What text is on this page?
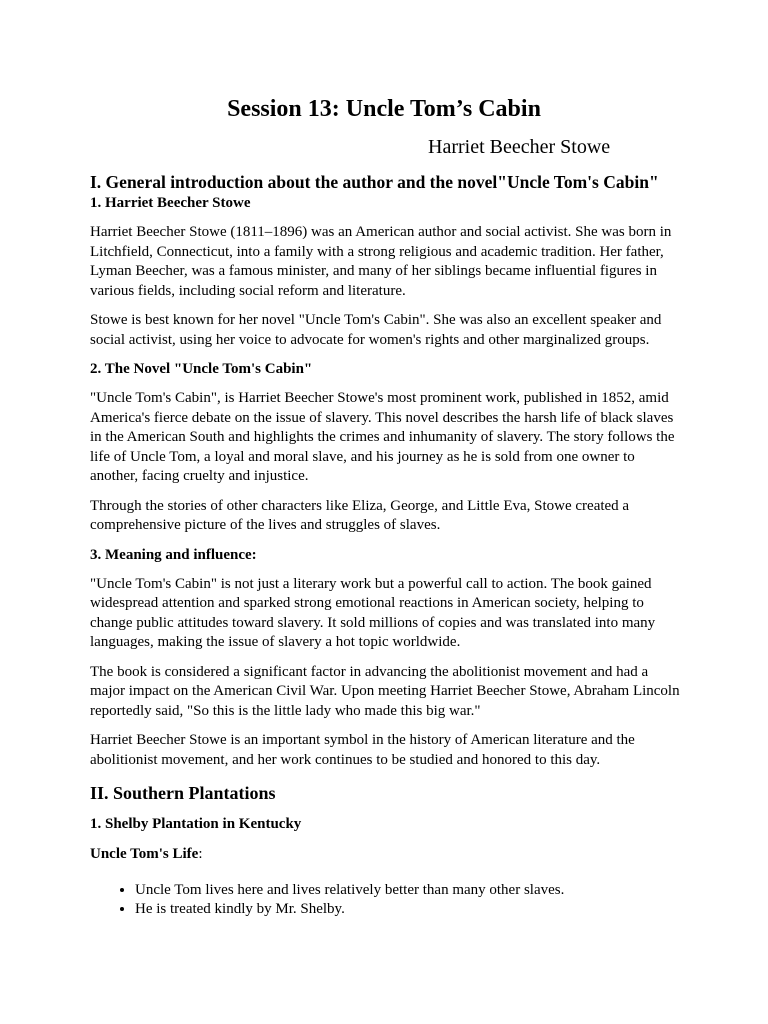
Session 13: Uncle Tom’s Cabin
Harriet Beecher Stowe
I. General introduction about the author and the novel"Uncle Tom's Cabin"
1. Harriet Beecher Stowe

Harriet Beecher Stowe (1811–1896) was an American author and social activist. She was born in Litchfield, Connecticut, into a family with a strong religious and academic tradition. Her father, Lyman Beecher, was a famous minister, and many of her siblings became influential figures in various fields, including social reform and literature.

Stowe is best known for her novel "Uncle Tom's Cabin". She was also an excellent speaker and social activist, using her voice to advocate for women's rights and other marginalized groups.

2. The Novel "Uncle Tom's Cabin"

"Uncle Tom's Cabin", is Harriet Beecher Stowe's most prominent work, published in 1852, amid America's fierce debate on the issue of slavery. This novel describes the harsh life of black slaves in the American South and highlights the crimes and inhumanity of slavery. The story follows the life of Uncle Tom, a loyal and moral slave, and his journey as he is sold from one owner to another, facing cruelty and injustice.

Through the stories of other characters like Eliza, George, and Little Eva, Stowe created a comprehensive picture of the lives and struggles of slaves.

3. Meaning and influence:

"Uncle Tom's Cabin" is not just a literary work but a powerful call to action. The book gained widespread attention and sparked strong emotional reactions in American society, helping to change public attitudes toward slavery. It sold millions of copies and was translated into many languages, making the issue of slavery a hot topic worldwide.

The book is considered a significant factor in advancing the abolitionist movement and had a major impact on the American Civil War. Upon meeting Harriet Beecher Stowe, Abraham Lincoln reportedly said, "So this is the little lady who made this big war."

Harriet Beecher Stowe is an important symbol in the history of American literature and the abolitionist movement, and her work continues to be studied and honored to this day.

II. Southern Plantations
1. Shelby Plantation in Kentucky

Uncle Tom's Life:

• Uncle Tom lives here and lives relatively better than many other slaves.
• He is treated kindly by Mr. Shelby.
